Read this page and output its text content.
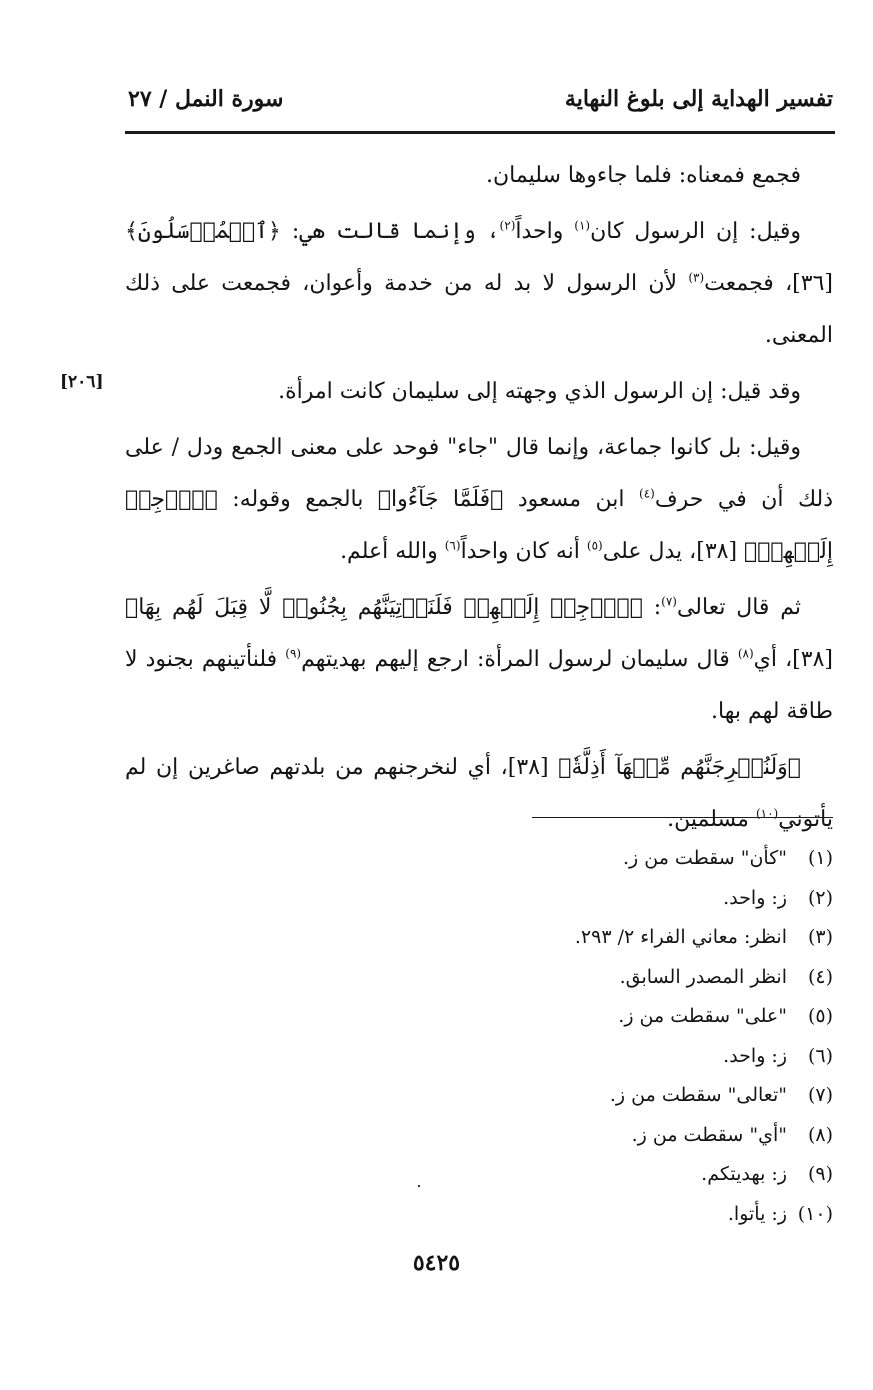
تفسير الهداية إلى بلوغ النهاية
سورة النمل / ٢٧
[٢٠٦]

فجمع فمعناه: فلما جاءوها سليمان.

وقيل: إن الرسول كان$^{(١)}$ واحداً$^{(٢)}$، وإنما قالت هي: ﴿ٱلۡمُرۡسَلُونَ﴾ [٣٦]، فجمعت$^{(٣)}$ لأن الرسول لا بد له من خدمة وأعوان، فجمعت على ذلك المعنى.

وقد قيل: إن الرسول الذي وجهته إلى سليمان كانت امرأة.

وقيل: بل كانوا جماعة، وإنما قال "جاء" فوحد على معنى الجمع ودل / على ذلك أن في حرف$^{(٤)}$ ابن مسعود ﴿فَلَمَّا جَآءُوا﴾ بالجمع وقوله: ﴿ٱرۡجِعۡ إِلَيۡهِمۡ﴾ [٣٨]، يدل على$^{(٥)}$ أنه كان واحداً$^{(٦)}$ والله أعلم.

ثم قال تعالى$^{(٧)}$: ﴿ٱرۡجِعۡ إِلَيۡهِمۡ فَلَنَأۡتِيَنَّهُم بِجُنُودٖ لَّا قِبَلَ لَهُم بِهَا﴾ [٣٨]، أي$^{(٨)}$ قال سليمان لرسول المرأة: ارجع إليهم بهديتهم$^{(٩)}$ فلنأتينهم بجنود لا طاقة لهم بها.

﴿وَلَنُخۡرِجَنَّهُم مِّنۡهَآ أَذِلَّةٗ﴾ [٣٨]، أي لنخرجنهم من بلدتهم صاغرين إن لم يأتوني$^{(١٠)}$ مسلمين.

(١)"كأن" سقطت من ز.
(٢)ز: واحد.
(٣)انظر: معاني الفراء ٢/ ٢٩٣.
(٤)انظر المصدر السابق.
(٥)"على" سقطت من ز.
(٦)ز: واحد.
(٧)"تعالى" سقطت من ز.
(٨)"أي" سقطت من ز.
(٩)ز: بهديتكم.
(١٠)ز: يأتوا.
٥٤٢٥
